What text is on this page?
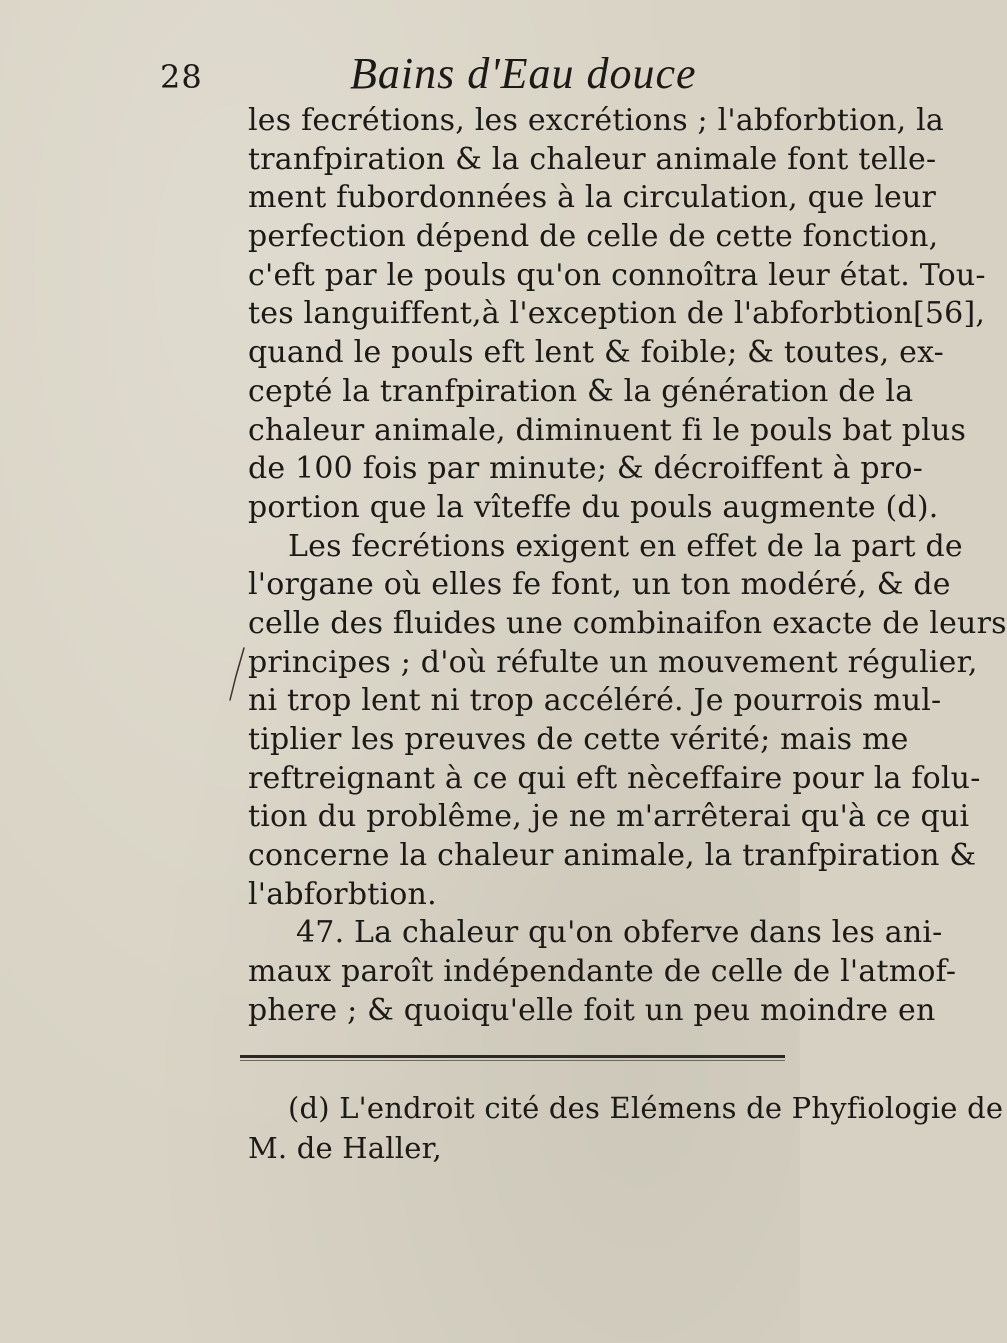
28	Bains d'Eau douce
les fecrétions, les excrétions ; l'abforbtion, la
tranfpiration & la chaleur animale font telle-
ment fubordonnées à la circulation, que leur
perfection dépend de celle de cette fonction,
c'eft par le pouls qu'on connoîtra leur état. Tou-
tes languiffent,à l'exception de l'abforbtion[56],
quand le pouls eft lent & foible; & toutes, ex-
cepté la tranfpiration & la génération de la
chaleur animale, diminuent fi le pouls bat plus
de 100 fois par minute; & décroiffent à pro-
portion que la vîteffe du pouls augmente (d).
Les fecrétions exigent en effet de la part de
l'organe où elles fe font, un ton modéré, & de
celle des fluides une combinaifon exacte de leurs
principes ; d'où réfulte un mouvement régulier,
ni trop lent ni trop accéléré. Je pourrois mul-
tiplier les preuves de cette vérité; mais me
reftreignant à ce qui eft nèceffaire pour la folu-
tion du problême, je ne m'arrêterai qu'à ce qui
concerne la chaleur animale, la tranfpiration &
l'abforbtion.
47. La chaleur qu'on obferve dans les ani-
maux paroît indépendante de celle de l'atmof-
phere ; & quoiqu'elle foit un peu moindre en
(d) L'endroit cité des Elémens de Phyfiologie de
M. de Haller,
